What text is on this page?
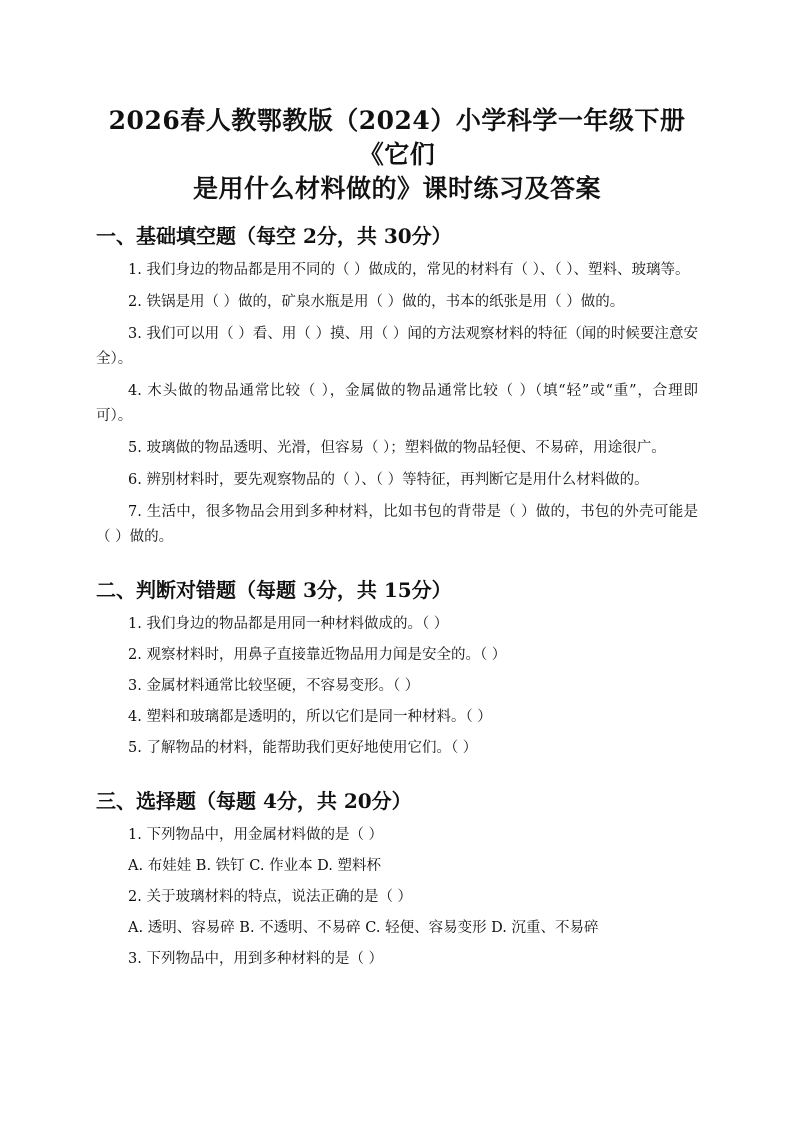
2026春人教鄂教版（2024）小学科学一年级下册《它们
是用什么材料做的》课时练习及答案
一、基础填空题（每空 2分，共 30分）

1. 我们身边的物品都是用不同的（ ）做成的，常见的材料有（ ）、（ ）、塑料、玻璃等。

2. 铁锅是用（ ）做的，矿泉水瓶是用（ ）做的，书本的纸张是用（ ）做的。

3. 我们可以用（ ）看、用（ ）摸、用（ ）闻的方法观察材料的特征（闻的时候要注意安全）。

4. 木头做的物品通常比较（ ），金属做的物品通常比较（ ）（填“轻”或“重”，合理即可）。

5. 玻璃做的物品透明、光滑，但容易（ ）；塑料做的物品轻便、不易碎，用途很广。

6. 辨别材料时，要先观察物品的（ ）、（ ）等特征，再判断它是用什么材料做的。

7. 生活中，很多物品会用到多种材料，比如书包的背带是（ ）做的，书包的外壳可能是（ ）做的。

二、判断对错题（每题 3分，共 15分）

1. 我们身边的物品都是用同一种材料做成的。（ ）

2. 观察材料时，用鼻子直接靠近物品用力闻是安全的。（ ）

3. 金属材料通常比较坚硬，不容易变形。（ ）

4. 塑料和玻璃都是透明的，所以它们是同一种材料。（ ）

5. 了解物品的材料，能帮助我们更好地使用它们。（ ）

三、选择题（每题 4分，共 20分）

1. 下列物品中，用金属材料做的是（ ）

A. 布娃娃 B. 铁钉 C. 作业本 D. 塑料杯

2. 关于玻璃材料的特点，说法正确的是（ ）

A. 透明、容易碎 B. 不透明、不易碎 C. 轻便、容易变形 D. 沉重、不易碎

3. 下列物品中，用到多种材料的是（ ）
